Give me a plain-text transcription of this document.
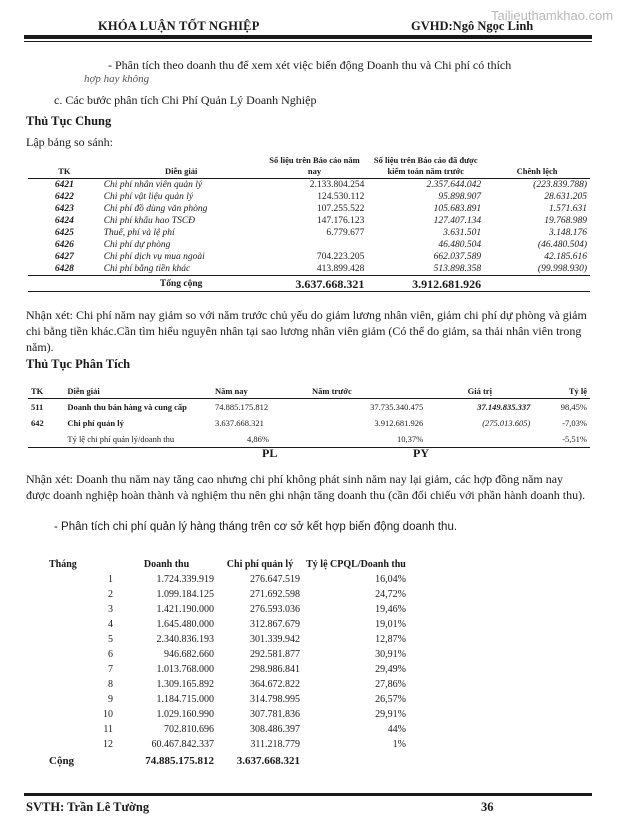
Tailieuthamkhao.com
KHÓA LUẬN TỐT NGHIỆP	GVHD:Ngô Ngọc Linh
- Phân tích theo doanh thu để xem xét việc biến động Doanh thu và Chi phí có thích
hợp hay không
c. Các bước phân tích Chi Phí Quản Lý Doanh Nghiệp
Thủ Tục Chung
Lập bảng so sánh:
TK	Diễn giải	Số liệu trên Báo cáo năm nay	Số liệu trên Báo cáo đã được kiểm toán năm trước	Chênh lệch
6421	Chi phí nhân viên quản lý	2.133.804.254	2.357.644.042	(223.839.788)
6422	Chi phí vật liệu quản lý	124.530.112	95.898.907	28.631.205
6423	Chi phí đồ dùng văn phòng	107.255.522	105.683.891	1.571.631
6424	Chi phí khấu hao TSCĐ	147.176.123	127.407.134	19.768.989
6425	Thuế, phí và lệ phí	6.779.677	3.631.501	3.148.176
6426	Chi phí dự phòng		46.480.504	(46.480.504)
6427	Chi phí dịch vụ mua ngoài	704.223.205	662.037.589	42.185.616
6428	Chi phí bằng tiền khác	413.899.428	513.898.358	(99.998.930)
	Tổng cộng	3.637.668.321	3.912.681.926	
Nhận xét: Chi phí năm nay giảm so với năm trước chủ yếu do giảm lương nhân viên, giảm chi phí dự phòng và giảm chi bằng tiền khác.Cần tìm hiểu nguyên nhân tại sao lương nhân viên giảm (Có thể do giảm, sa thải nhân viên trong năm).
Thủ Tục Phân Tích
TK	Diễn giải	Năm nay	Năm trước	Giá trị	Tỷ lệ
511	Doanh thu bán hàng và cung cấp	74.885.175.812	37.735.340.475	37.149.835.337	98,45%
642	Chi phí quản lý	3.637.668.321	3.912.681.926	(275.013.605)	-7,03%
	Tỷ lệ chi phí quản lý/doanh thu	4,86%	10,37%		-5,51%
PL	PY
Nhận xét: Doanh thu năm nay tăng cao nhưng chi phí không phát sinh năm nay lại giảm, các hợp đồng năm nay được doanh nghiệp hoàn thành và nghiệm thu nên ghi nhận tăng doanh thu (cần đối chiếu với phần hành doanh thu).
- Phân tích chi phí quản lý hàng tháng trên cơ sở kết hợp biến động doanh thu.
Tháng		Doanh thu	Chi phí quản lý	Tỷ lệ CPQL/Doanh thu
	1	1.724.339.919	276.647.519	16,04%
	2	1.099.184.125	271.692.598	24,72%
	3	1.421.190.000	276.593.036	19,46%
	4	1.645.480.000	312.867.679	19,01%
	5	2.340.836.193	301.339.942	12,87%
	6	946.682.660	292.581.877	30,91%
	7	1.013.768.000	298.986.841	29,49%
	8	1.309.165.892	364.672.822	27,86%
	9	1.184.715.000	314.798.995	26,57%
	10	1.029.160.990	307.781.836	29,91%
	11	702.810.696	308.486.397	44%
	12	60.467.842.337	311.218.779	1%
Cộng		74.885.175.812	3.637.668.321	
SVTH: Trần Lê Tường	36
